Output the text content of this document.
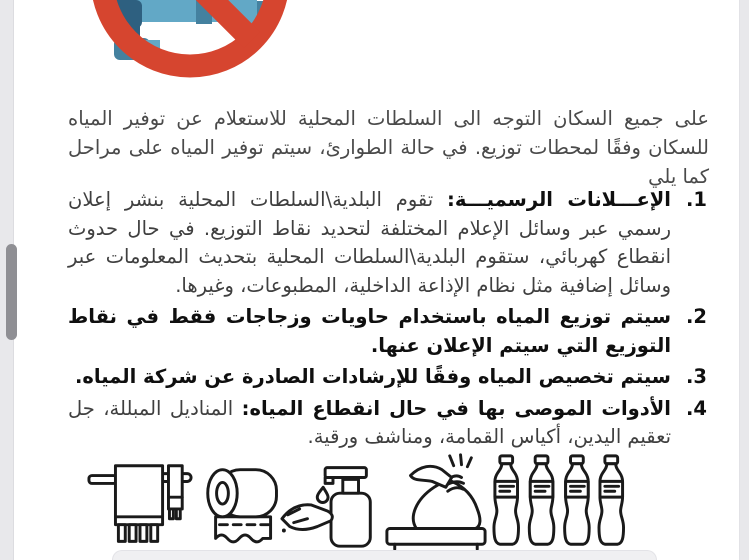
على جميع السكان التوجه الى السلطات المحلية للاستعلام عن توفير المياه للسكان وفقًا لمحطات توزيع. في حالة الطوارئ، سيتم توفير المياه على مراحل كما يلي

1.
الإعـــلانات الرسميـــة: تقوم البلدية\السلطات المحلية بنشر إعلان رسمي عبر وسائل الإعلام المختلفة لتحديد نقاط التوزيع. في حال حدوث انقطاع كهربائي، ستقوم البلدية\السلطات المحلية بتحديث المعلومات عبر وسائل إضافية مثل نظام الإذاعة الداخلية، المطبوعات، وغيرها.
2.
سيتم توزيع المياه باستخدام حاويات وزجاجات فقط في نقاط التوزيع التي سيتم الإعلان عنها.
3.
سيتم تخصيص المياه وفقًا للإرشادات الصادرة عن شركة المياه.
4.
الأدوات الموصى بها في حال انقطاع المياه: المناديل المبللة، جل تعقيم اليدين، أكياس القمامة، ومناشف ورقية.
